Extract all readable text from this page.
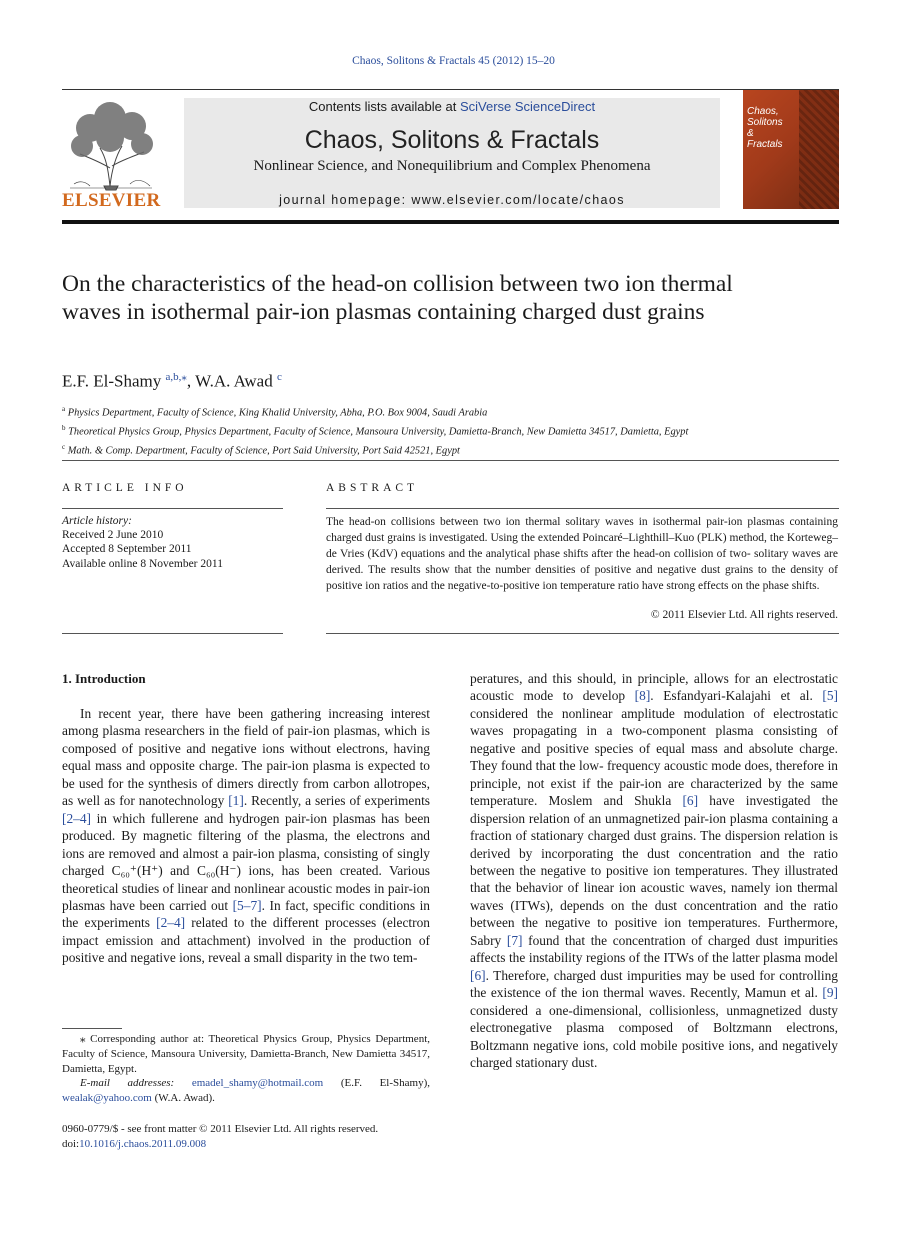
Chaos, Solitons & Fractals 45 (2012) 15–20
ELSEVIER
Contents lists available at SciVerse ScienceDirect
Chaos, Solitons & Fractals
Nonlinear Science, and Nonequilibrium and Complex Phenomena
journal homepage: www.elsevier.com/locate/chaos
Chaos, Solitons & Fractals
On the characteristics of the head-on collision between two ion thermal waves in isothermal pair-ion plasmas containing charged dust grains
E.F. El-Shamy $^{a,b,⁎}$, W.A. Awad $^c$
$^a$ Physics Department, Faculty of Science, King Khalid University, Abha, P.O. Box 9004, Saudi Arabia
$^b$ Theoretical Physics Group, Physics Department, Faculty of Science, Mansoura University, Damietta-Branch, New Damietta 34517, Damietta, Egypt
$^c$ Math. & Comp. Department, Faculty of Science, Port Said University, Port Said 42521, Egypt
ARTICLE INFO
Article history:
Received 2 June 2010
Accepted 8 September 2011
Available online 8 November 2011
ABSTRACT
The head-on collisions between two ion thermal solitary waves in isothermal pair-ion plasmas containing charged dust grains is investigated. Using the extended Poincaré–Lighthill–Kuo (PLK) method, the Korteweg–de Vries (KdV) equations and the analytical phase shifts after the head-on collision of two- solitary waves are derived. The results show that the number densities of positive and negative dust grains to the density of positive ion ratios and the negative-to-positive ion temperature ratio have strong effects on the phase shifts.
© 2011 Elsevier Ltd. All rights reserved.
1. Introduction

In recent year, there have been gathering increasing interest among plasma researchers in the field of pair-ion plasmas, which is composed of positive and negative ions without electrons, having equal mass and opposite charge. The pair-ion plasma is expected to be used for the synthesis of dimers directly from carbon allotropes, as well as for nanotechnology [1]. Recently, a series of experiments [2–4] in which fullerene and hydrogen pair-ion plasmas has been produced. By magnetic filtering of the plasma, the electrons and ions are removed and almost a pair-ion plasma, consisting of singly charged C₆₀⁺(H⁺) and C₆₀(H⁻) ions, has been created. Various theoretical studies of linear and nonlinear acoustic modes in pair-ion plasmas have been carried out [5–7]. In fact, specific conditions in the experiments [2–4] related to the different processes (electron impact emission and attachment) involved in the production of positive and negative ions, reveal a small disparity in the two tem-

peratures, and this should, in principle, allows for an electrostatic acoustic mode to develop [8]. Esfandyari-Kalajahi et al. [5] considered the nonlinear amplitude modulation of electrostatic waves propagating in a two-component plasma consisting of negative and positive species of equal mass and absolute charge. They found that the low- frequency acoustic mode does, therefore in principle, not exist if the pair-ion are characterized by the same temperature. Moslem and Shukla [6] have investigated the dispersion relation of an unmagnetized pair-ion plasma containing a fraction of stationary charged dust grains. The dispersion relation is derived by incorporating the dust concentration and the ratio between the negative to positive ion temperatures. They illustrated that the behavior of linear ion acoustic waves, namely ion thermal waves (ITWs), depends on the dust concentration and the ratio between the negative to positive ion temperatures. Furthermore, Sabry [7] found that the concentration of charged dust impurities affects the instability regions of the ITWs of the latter plasma model [6]. Therefore, charged dust impurities may be used for controlling the existence of the ion thermal waves. Recently, Mamun et al. [9] considered a one-dimensional, collisionless, unmagnetized dusty electronegative plasma composed of Boltzmann electrons, Boltzmann negative ions, cold mobile positive ions, and negatively charged stationary dust.

⁎ Corresponding author at: Theoretical Physics Group, Physics Department, Faculty of Science, Mansoura University, Damietta-Branch, New Damietta 34517, Damietta, Egypt.
E-mail addresses: emadel_shamy@hotmail.com (E.F. El-Shamy), wealak@yahoo.com (W.A. Awad).
0960-0779/$ - see front matter © 2011 Elsevier Ltd. All rights reserved.
doi:10.1016/j.chaos.2011.09.008
